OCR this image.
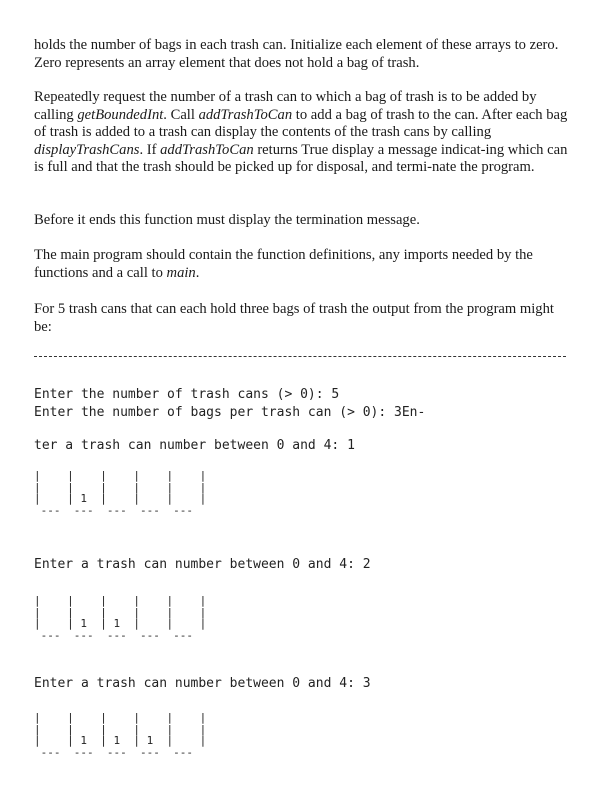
holds the number of bags in each trash can. Initialize each element of these arrays to zero. Zero represents an array element that does not hold a bag of trash.

Repeatedly request the number of a trash can to which a bag of trash is to be added by calling getBoundedInt. Call addTrashToCan to add a bag of trash to the can. After each bag of trash is added to a trash can display the contents of the trash cans by calling displayTrashCans. If addTrashToCan returns True display a message indicat-ing which can is full and that the trash should be picked up for disposal, and termi-nate the program.

Before it ends this function must display the termination message.

The main program should contain the function definitions, any imports needed by the functions and a call to main.

For 5 trash cans that can each hold three bags of trash the output from the program might be:

Enter the number of trash cans (> 0): 5
Enter the number of bags per trash can (> 0): 3En-
ter a trash can number between 0 and 4: 1
|    |    |    |    |    |
|    |    |    |    |    |
|    | 1  |    |    |    |
---  ---  ---  ---  ---
Enter a trash can number between 0 and 4: 2
|    |    |    |    |    |
|    |    |    |    |    |
|    | 1  | 1  |    |    |
---  ---  ---  ---  ---
Enter a trash can number between 0 and 4: 3
|    |    |    |    |    |
|    |    |    |    |    |
|    | 1  | 1  | 1  |    |
---  ---  ---  ---  ---
